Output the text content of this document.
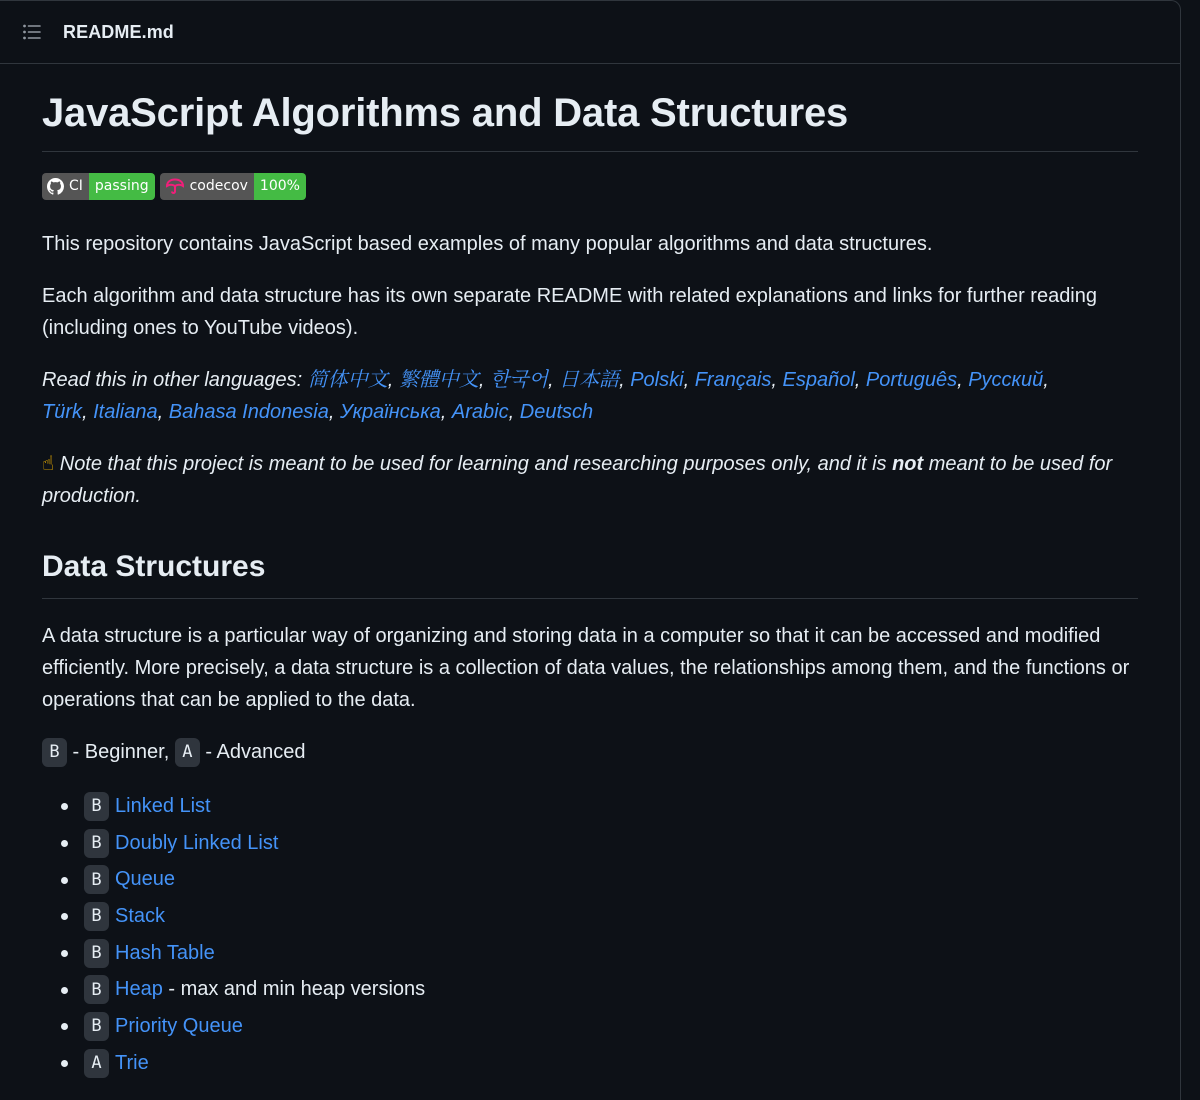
README.md
JavaScript Algorithms and Data Structures
CI passing	codecov 100%

This repository contains JavaScript based examples of many popular algorithms and data structures.

Each algorithm and data structure has its own separate README with related explanations and links for further reading (including ones to YouTube videos).

Read this in other languages: 简体中文, 繁體中文, 한국어, 日本語, Polski, Français, Español, Português, Русский,
Türk, Italiana, Bahasa Indonesia, Українська, Arabic, Deutsch

☝ Note that this project is meant to be used for learning and researching purposes only, and it is not meant to be used for production.

Data Structures

A data structure is a particular way of organizing and storing data in a computer so that it can be accessed and modified efficiently. More precisely, a data structure is a collection of data values, the relationships among them, and the functions or operations that can be applied to the data.

B - Beginner, A - Advanced

B Linked List
B Doubly Linked List
B Queue
B Stack
B Hash Table
B Heap - max and min heap versions
B Priority Queue
A Trie
